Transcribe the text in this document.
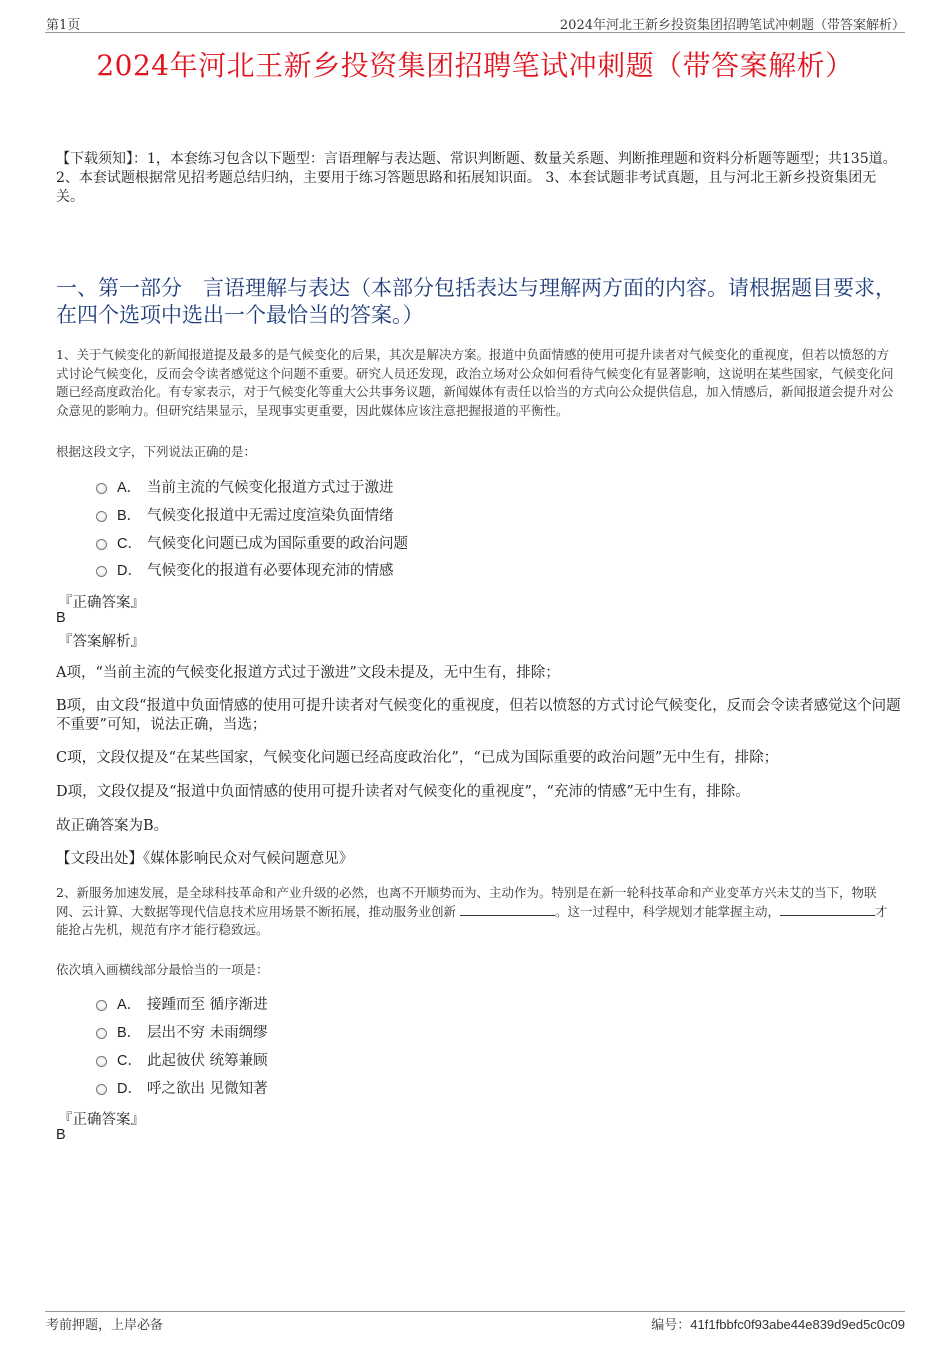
第1页	2024年河北王新乡投资集团招聘笔试冲刺题（带答案解析）
2024年河北王新乡投资集团招聘笔试冲刺题（带答案解析）
【下载须知】：1，本套练习包含以下题型：言语理解与表达题、常识判断题、数量关系题、判断推理题和资料分析题等题型；共135道。 2、本套试题根据常见招考题总结归纳，主要用于练习答题思路和拓展知识面。 3、本套试题非考试真题，且与河北王新乡投资集团无关。
一、第一部分　言语理解与表达（本部分包括表达与理解两方面的内容。请根据题目要求，在四个选项中选出一个最恰当的答案。）
1、关于气候变化的新闻报道提及最多的是气候变化的后果，其次是解决方案。报道中负面情感的使用可提升读者对气候变化的重视度，但若以愤怒的方式讨论气候变化，反而会令读者感觉这个问题不重要。研究人员还发现，政治立场对公众如何看待气候变化有显著影响，这说明在某些国家，气候变化问题已经高度政治化。有专家表示，对于气候变化等重大公共事务议题，新闻媒体有责任以恰当的方式向公众提供信息，加入情感后，新闻报道会提升对公众意见的影响力。但研究结果显示，呈现事实更重要，因此媒体应该注意把握报道的平衡性。
根据这段文字，下列说法正确的是：
A． 当前主流的气候变化报道方式过于激进
B． 气候变化报道中无需过度渲染负面情绪
C． 气候变化问题已成为国际重要的政治问题
D． 气候变化的报道有必要体现充沛的情感
『正确答案』
B
『答案解析』
A项，“当前主流的气候变化报道方式过于激进”文段未提及，无中生有，排除；
B项，由文段“报道中负面情感的使用可提升读者对气候变化的重视度，但若以愤怒的方式讨论气候变化，反而会令读者感觉这个问题不重要”可知，说法正确，当选；
C项，文段仅提及“在某些国家，气候变化问题已经高度政治化”，“已成为国际重要的政治问题”无中生有，排除；
D项，文段仅提及“报道中负面情感的使用可提升读者对气候变化的重视度”，“充沛的情感”无中生有，排除。
故正确答案为B。
【文段出处】《媒体影响民众对气候问题意见》
2、新服务加速发展，是全球科技革命和产业升级的必然，也离不开顺势而为、主动作为。特别是在新一轮科技革命和产业变革方兴未艾的当下，物联网、云计算、大数据等现代信息技术应用场景不断拓展，推动服务业创新	。这一过程中，科学规划才能掌握主动，	才能抢占先机，规范有序才能行稳致远。
依次填入画横线部分最恰当的一项是：
A． 接踵而至 循序渐进
B． 层出不穷 未雨绸缪
C． 此起彼伏 统筹兼顾
D． 呼之欲出 见微知著
『正确答案』
B
考前押题，上岸必备	编号：41f1fbbfc0f93abe44e839d9ed5c0c09
